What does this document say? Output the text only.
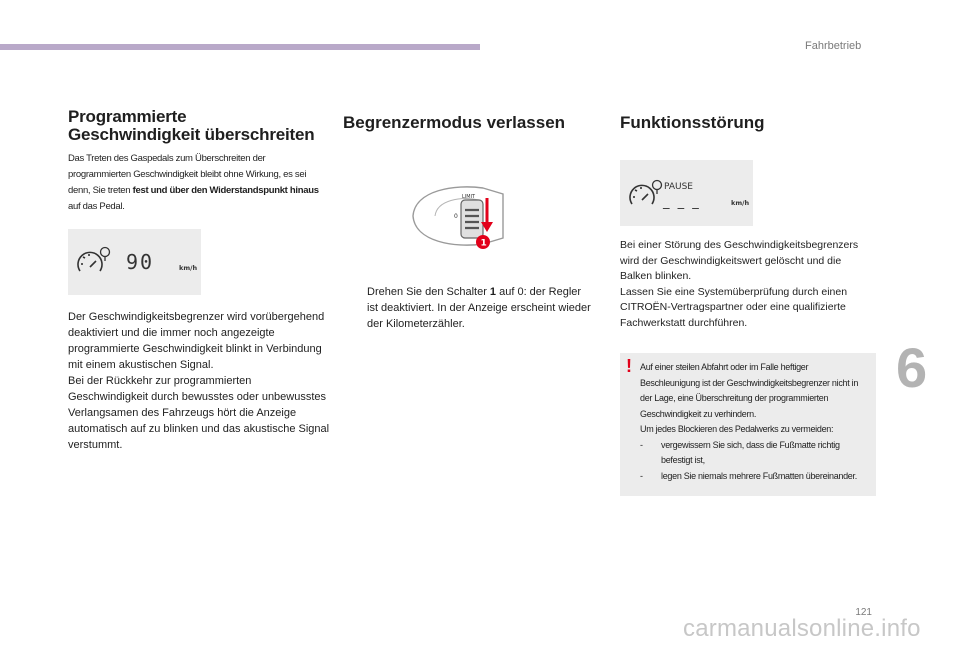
Fahrbetrieb
6
Programmierte
Geschwindigkeit überschreiten
Das Treten des Gaspedals zum Überschreiten der programmierten Geschwindigkeit bleibt ohne Wirkung, es sei denn, Sie treten fest und über den Widerstandspunkt hinaus auf das Pedal.
90	km/h
Der Geschwindigkeitsbegrenzer wird vorübergehend deaktiviert und die immer noch angezeigte programmierte Geschwindigkeit blinkt in Verbindung mit einem akustischen Signal.
Bei der Rückkehr zur programmierten Geschwindigkeit durch bewusstes oder unbewusstes Verlangsamen des Fahrzeugs hört die Anzeige automatisch auf zu blinken und das akustische Signal verstummt.
Begrenzermodus verlassen
LIMIT
0
1
Drehen Sie den Schalter 1 auf 0: der Regler ist deaktiviert. In der Anzeige erscheint wieder der Kilometerzähler.
Funktionsstörung
PAUSE
_ _ _	km/h
Bei einer Störung des Geschwindigkeitsbegrenzers wird der Geschwindigkeitswert gelöscht und die Balken blinken.
Lassen Sie eine Systemüberprüfung durch einen CITROËN-Vertragspartner oder eine qualifizierte Fachwerkstatt durchführen.
! Auf einer steilen Abfahrt oder im Falle heftiger Beschleunigung ist der Geschwindigkeitsbegrenzer nicht in der Lage, eine Überschreitung der programmierten Geschwindigkeit zu verhindern.
Um jedes Blockieren des Pedalwerks zu vermeiden:
- vergewissern Sie sich, dass die Fußmatte richtig befestigt ist,
- legen Sie niemals mehrere Fußmatten übereinander.
121
carmanualsonline.info
